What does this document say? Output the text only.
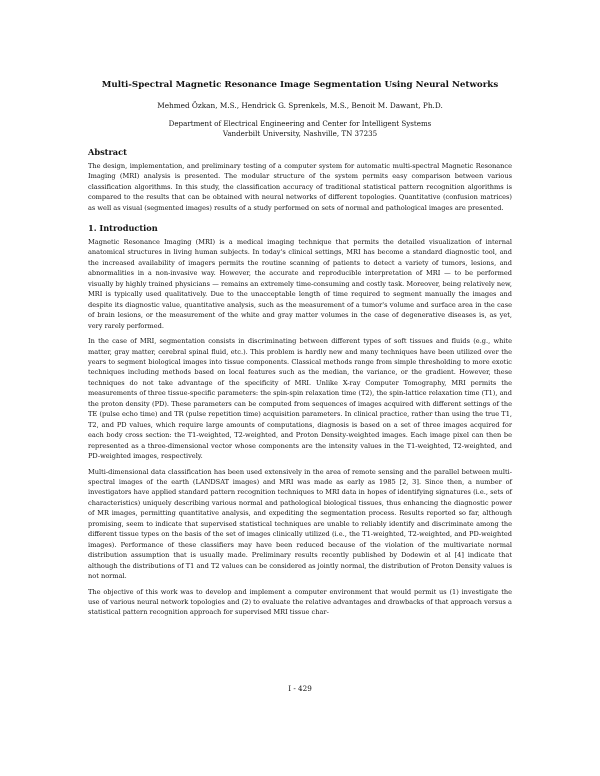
Multi-Spectral Magnetic Resonance Image Segmentation Using Neural Networks
Mehmed Özkan, M.S., Hendrick G. Sprenkels, M.S., Benoit M. Dawant, Ph.D.
Department of Electrical Engineering and Center for Intelligent Systems
Vanderbilt University, Nashville, TN 37235
Abstract

The design, implementation, and preliminary testing of a computer system for automatic multi-spectral Magnetic Resonance Imaging (MRI) analysis is presented. The modular structure of the system permits easy comparison between various classification algorithms. In this study, the classification accuracy of traditional statistical pattern recognition algorithms is compared to the results that can be obtained with neural networks of different topologies. Quantitative (confusion matrices) as well as visual (segmented images) results of a study performed on sets of normal and pathological images are presented.

1. Introduction

Magnetic Resonance Imaging (MRI) is a medical imaging technique that permits the detailed visualization of internal anatomical structures in living human subjects. In today's clinical settings, MRI has become a standard diagnostic tool, and the increased availability of imagers permits the routine scanning of patients to detect a variety of tumors, lesions, and abnormalities in a non-invasive way. However, the accurate and reproducible interpretation of MRI — to be performed visually by highly trained physicians — remains an extremely time-consuming and costly task. Moreover, being relatively new, MRI is typically used qualitatively. Due to the unacceptable length of time required to segment manually the images and despite its diagnostic value, quantitative analysis, such as the measurement of a tumor's volume and surface area in the case of brain lesions, or the measurement of the white and gray matter volumes in the case of degenerative diseases is, as yet, very rarely performed.

In the case of MRI, segmentation consists in discriminating between different types of soft tissues and fluids (e.g., white matter, gray matter, cerebral spinal fluid, etc.). This problem is hardly new and many techniques have been utilized over the years to segment biological images into tissue components. Classical methods range from simple thresholding to more exotic techniques including methods based on local features such as the median, the variance, or the gradient. However, these techniques do not take advantage of the specificity of MRI. Unlike X-ray Computer Tomography, MRI permits the measurements of three tissue-specific parameters: the spin-spin relaxation time (T2), the spin-lattice relaxation time (T1), and the proton density (PD). These parameters can be computed from sequences of images acquired with different settings of the TE (pulse echo time) and TR (pulse repetition time) acquisition parameters. In clinical practice, rather than using the true T1, T2, and PD values, which require large amounts of computations, diagnosis is based on a set of three images acquired for each body cross section: the T1-weighted, T2-weighted, and Proton Density-weighted images. Each image pixel can then be represented as a three-dimensional vector whose components are the intensity values in the T1-weighted, T2-weighted, and PD-weighted images, respectively.

Multi-dimensional data classification has been used extensively in the area of remote sensing and the parallel between multi-spectral images of the earth (LANDSAT images) and MRI was made as early as 1985 [2, 3]. Since then, a number of investigators have applied standard pattern recognition techniques to MRI data in hopes of identifying signatures (i.e., sets of characteristics) uniquely describing various normal and pathological biological tissues, thus enhancing the diagnostic power of MR images, permitting quantitative analysis, and expediting the segmentation process. Results reported so far, although promising, seem to indicate that supervised statistical techniques are unable to reliably identify and discriminate among the different tissue types on the basis of the set of images clinically utilized (i.e., the T1-weighted, T2-weighted, and PD-weighted images). Performance of these classifiers may have been reduced because of the violation of the multivariate normal distribution assumption that is usually made. Preliminary results recently published by Dodewin et al [4] indicate that although the distributions of T1 and T2 values can be considered as jointly normal, the distribution of Proton Density values is not normal.

The objective of this work was to develop and implement a computer environment that would permit us (1) investigate the use of various neural network topologies and (2) to evaluate the relative advantages and drawbacks of that approach versus a statistical pattern recognition approach for supervised MRI tissue char-

I - 429
